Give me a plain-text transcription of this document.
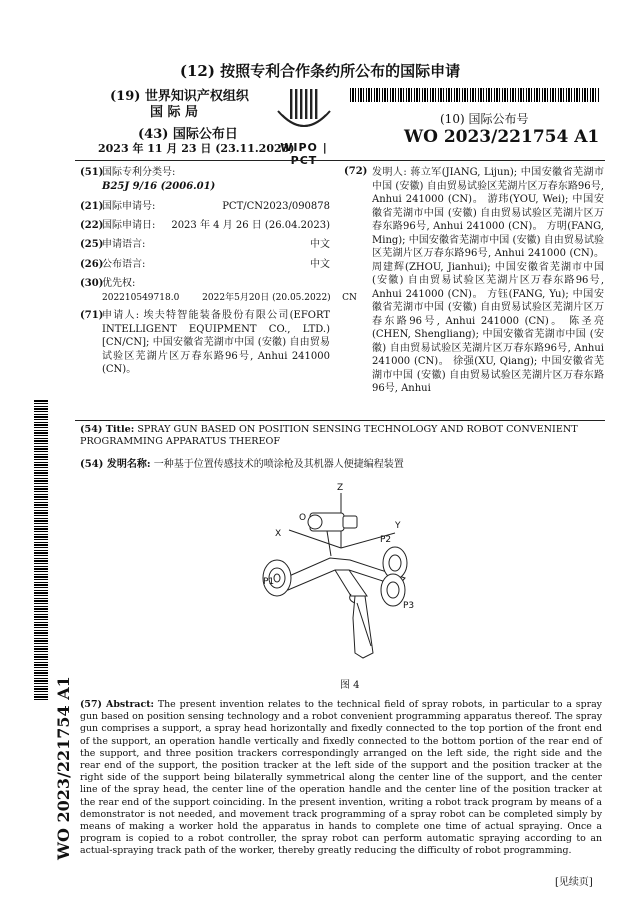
(12) 按照专利合作条约所公布的国际申请
(19) 世界知识产权组织
国 际 局
(43) 国际公布日
2023 年 11 月 23 日 (23.11.2023)
WIPO | PCT
(10) 国际公布号
WO 2023/221754 A1
(51)国际专利分类号:
B25J 9/16 (2006.01)
(21)国际申请号:	PCT/CN2023/090878
(22)国际申请日: 2023 年 4 月 26 日 (26.04.2023)
(25)申请语言:	中文
(26)公布语言:	中文
(30)优先权:
202210549718.0        2022年5月20日 (20.05.2022)    CN
(71)
申请人: 埃夫特智能装备股份有限公司(EFORT INTELLIGENT EQUIPMENT CO., LTD.) [CN/CN]; 中国安徽省芜湖市中国 (安徽) 自由贸易试验区芜湖片区万春东路96号, Anhui 241000 (CN)。
(72) 发明人: 蒋立军(JIANG, Lijun); 中国安徽省芜湖市中国 (安徽) 自由贸易试验区芜湖片区万春东路96号, Anhui 241000 (CN)。 游玮(YOU, Wei); 中国安徽省芜湖市中国 (安徽) 自由贸易试验区芜湖片区万春东路96号, Anhui 241000 (CN)。 方明(FANG, Ming); 中国安徽省芜湖市中国 (安徽) 自由贸易试验区芜湖片区万春东路96号, Anhui 241000 (CN)。 周建辉(ZHOU, Jianhui); 中国安徽省芜湖市中国 (安徽) 自由贸易试验区芜湖片区万春东路96号, Anhui 241000 (CN)。 方钰(FANG, Yu); 中国安徽省芜湖市中国 (安徽) 自由贸易试验区芜湖片区万春东路96号, Anhui 241000 (CN)。 陈圣亮(CHEN, Shengliang); 中国安徽省芜湖市中国 (安徽) 自由贸易试验区芜湖片区万春东路96号, Anhui 241000 (CN)。 徐强(XU, Qiang); 中国安徽省芜湖市中国 (安徽) 自由贸易试验区芜湖片区万春东路96号, Anhui
WO 2023/221754 A1
(54) Title: SPRAY GUN BASED ON POSITION SENSING TECHNOLOGY AND ROBOT CONVENIENT PROGRAMMING APPARATUS THEREOF
(54) 发明名称: 一种基于位置传感技术的喷涂枪及其机器人便捷编程装置
Z
X
Y
P1
P2
P3
O
图 4
(57) Abstract: The present invention relates to the technical field of spray robots, in particular to a spray gun based on position sensing technology and a robot convenient programming apparatus thereof. The spray gun comprises a support, a spray head horizontally and fixedly connected to the top portion of the front end of the support, an operation handle vertically and fixedly connected to the bottom portion of the rear end of the support, and three position trackers correspondingly arranged on the left side, the right side and the rear end of the support, the position tracker at the left side of the support and the position tracker at the right side of the support being bilaterally symmetrical along the center line of the support, and the center line of the spray head, the center line of the operation handle and the center line of the position tracker at the rear end of the support coinciding. In the present invention, writing a robot track program by means of a demonstrator is not needed, and movement track programming of a spray robot can be completed simply by means of making a worker hold the apparatus in hands to complete one time of actual spraying. Once a program is copied to a robot controller, the spray robot can perform automatic spraying according to an actual-spraying track path of the worker, thereby greatly reducing the difficulty of robot programming.
[见续页]
